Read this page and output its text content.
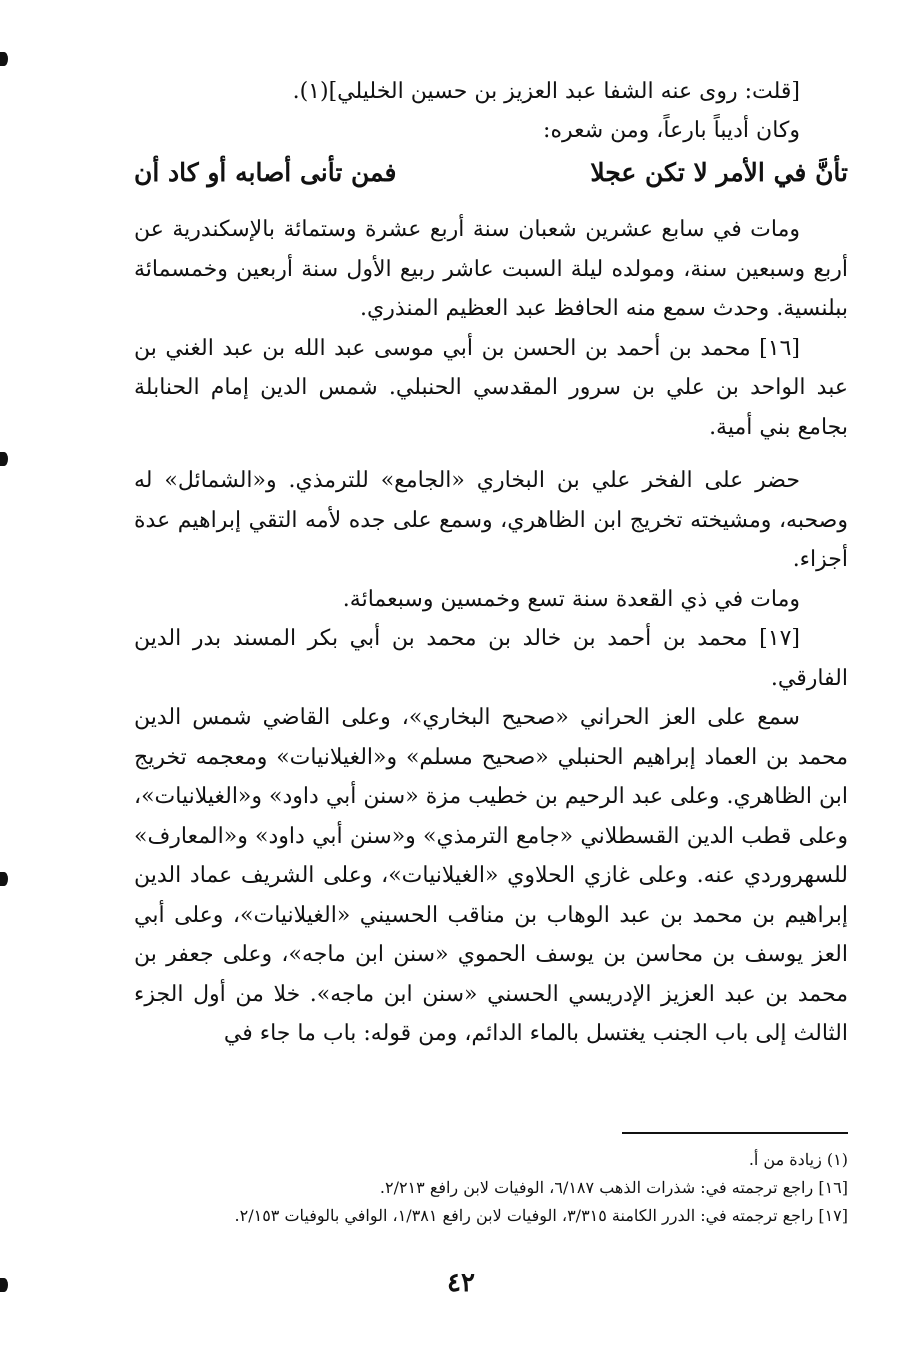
[قلت: روى عنه الشفا عبد العزيز بن حسين الخليلي](١).

وكان أديباً بارعاً، ومن شعره:

تأنَّ في الأمر لا تكن عجلا
فمن تأنى أصابه أو كاد أن

ومات في سابع عشرين شعبان سنة أربع عشرة وستمائة بالإسكندرية عن أربع وسبعين سنة، ومولده ليلة السبت عاشر ربيع الأول سنة أربعين وخمسمائة ببلنسية. وحدث سمع منه الحافظ عبد العظيم المنذري.

[١٦] محمد بن أحمد بن الحسن بن أبي موسى عبد الله بن عبد الغني بن عبد الواحد بن علي بن سرور المقدسي الحنبلي. شمس الدين إمام الحنابلة بجامع بني أمية.

حضر على الفخر علي بن البخاري «الجامع» للترمذي. و«الشمائل» له وصحبه، ومشيخته تخريج ابن الظاهري، وسمع على جده لأمه التقي إبراهيم عدة أجزاء.

ومات في ذي القعدة سنة تسع وخمسين وسبعمائة.

[١٧] محمد بن أحمد بن خالد بن محمد بن أبي بكر المسند بدر الدين الفارقي.

سمع على العز الحراني «صحيح البخاري»، وعلى القاضي شمس الدين محمد بن العماد إبراهيم الحنبلي «صحيح مسلم» و«الغيلانيات» ومعجمه تخريج ابن الظاهري. وعلى عبد الرحيم بن خطيب مزة «سنن أبي داود» و«الغيلانيات»، وعلى قطب الدين القسطلاني «جامع الترمذي» و«سنن أبي داود» و«المعارف» للسهروردي عنه. وعلى غازي الحلاوي «الغيلانيات»، وعلى الشريف عماد الدين إبراهيم بن محمد بن عبد الوهاب بن مناقب الحسيني «الغيلانيات»، وعلى أبي العز يوسف بن محاسن بن يوسف الحموي «سنن ابن ماجه»، وعلى جعفر بن محمد بن عبد العزيز الإدريسي الحسني «سنن ابن ماجه». خلا من أول الجزء الثالث إلى باب الجنب يغتسل بالماء الدائم، ومن قوله: باب ما جاء في

(١) زيادة من أ.

[١٦] راجع ترجمته في: شذرات الذهب ٦/١٨٧، الوفيات لابن رافع ٢/٢١٣.

[١٧] راجع ترجمته في: الدرر الكامنة ٣/٣١٥، الوفيات لابن رافع ١/٣٨١، الوافي بالوفيات ٢/١٥٣.

٤٢
